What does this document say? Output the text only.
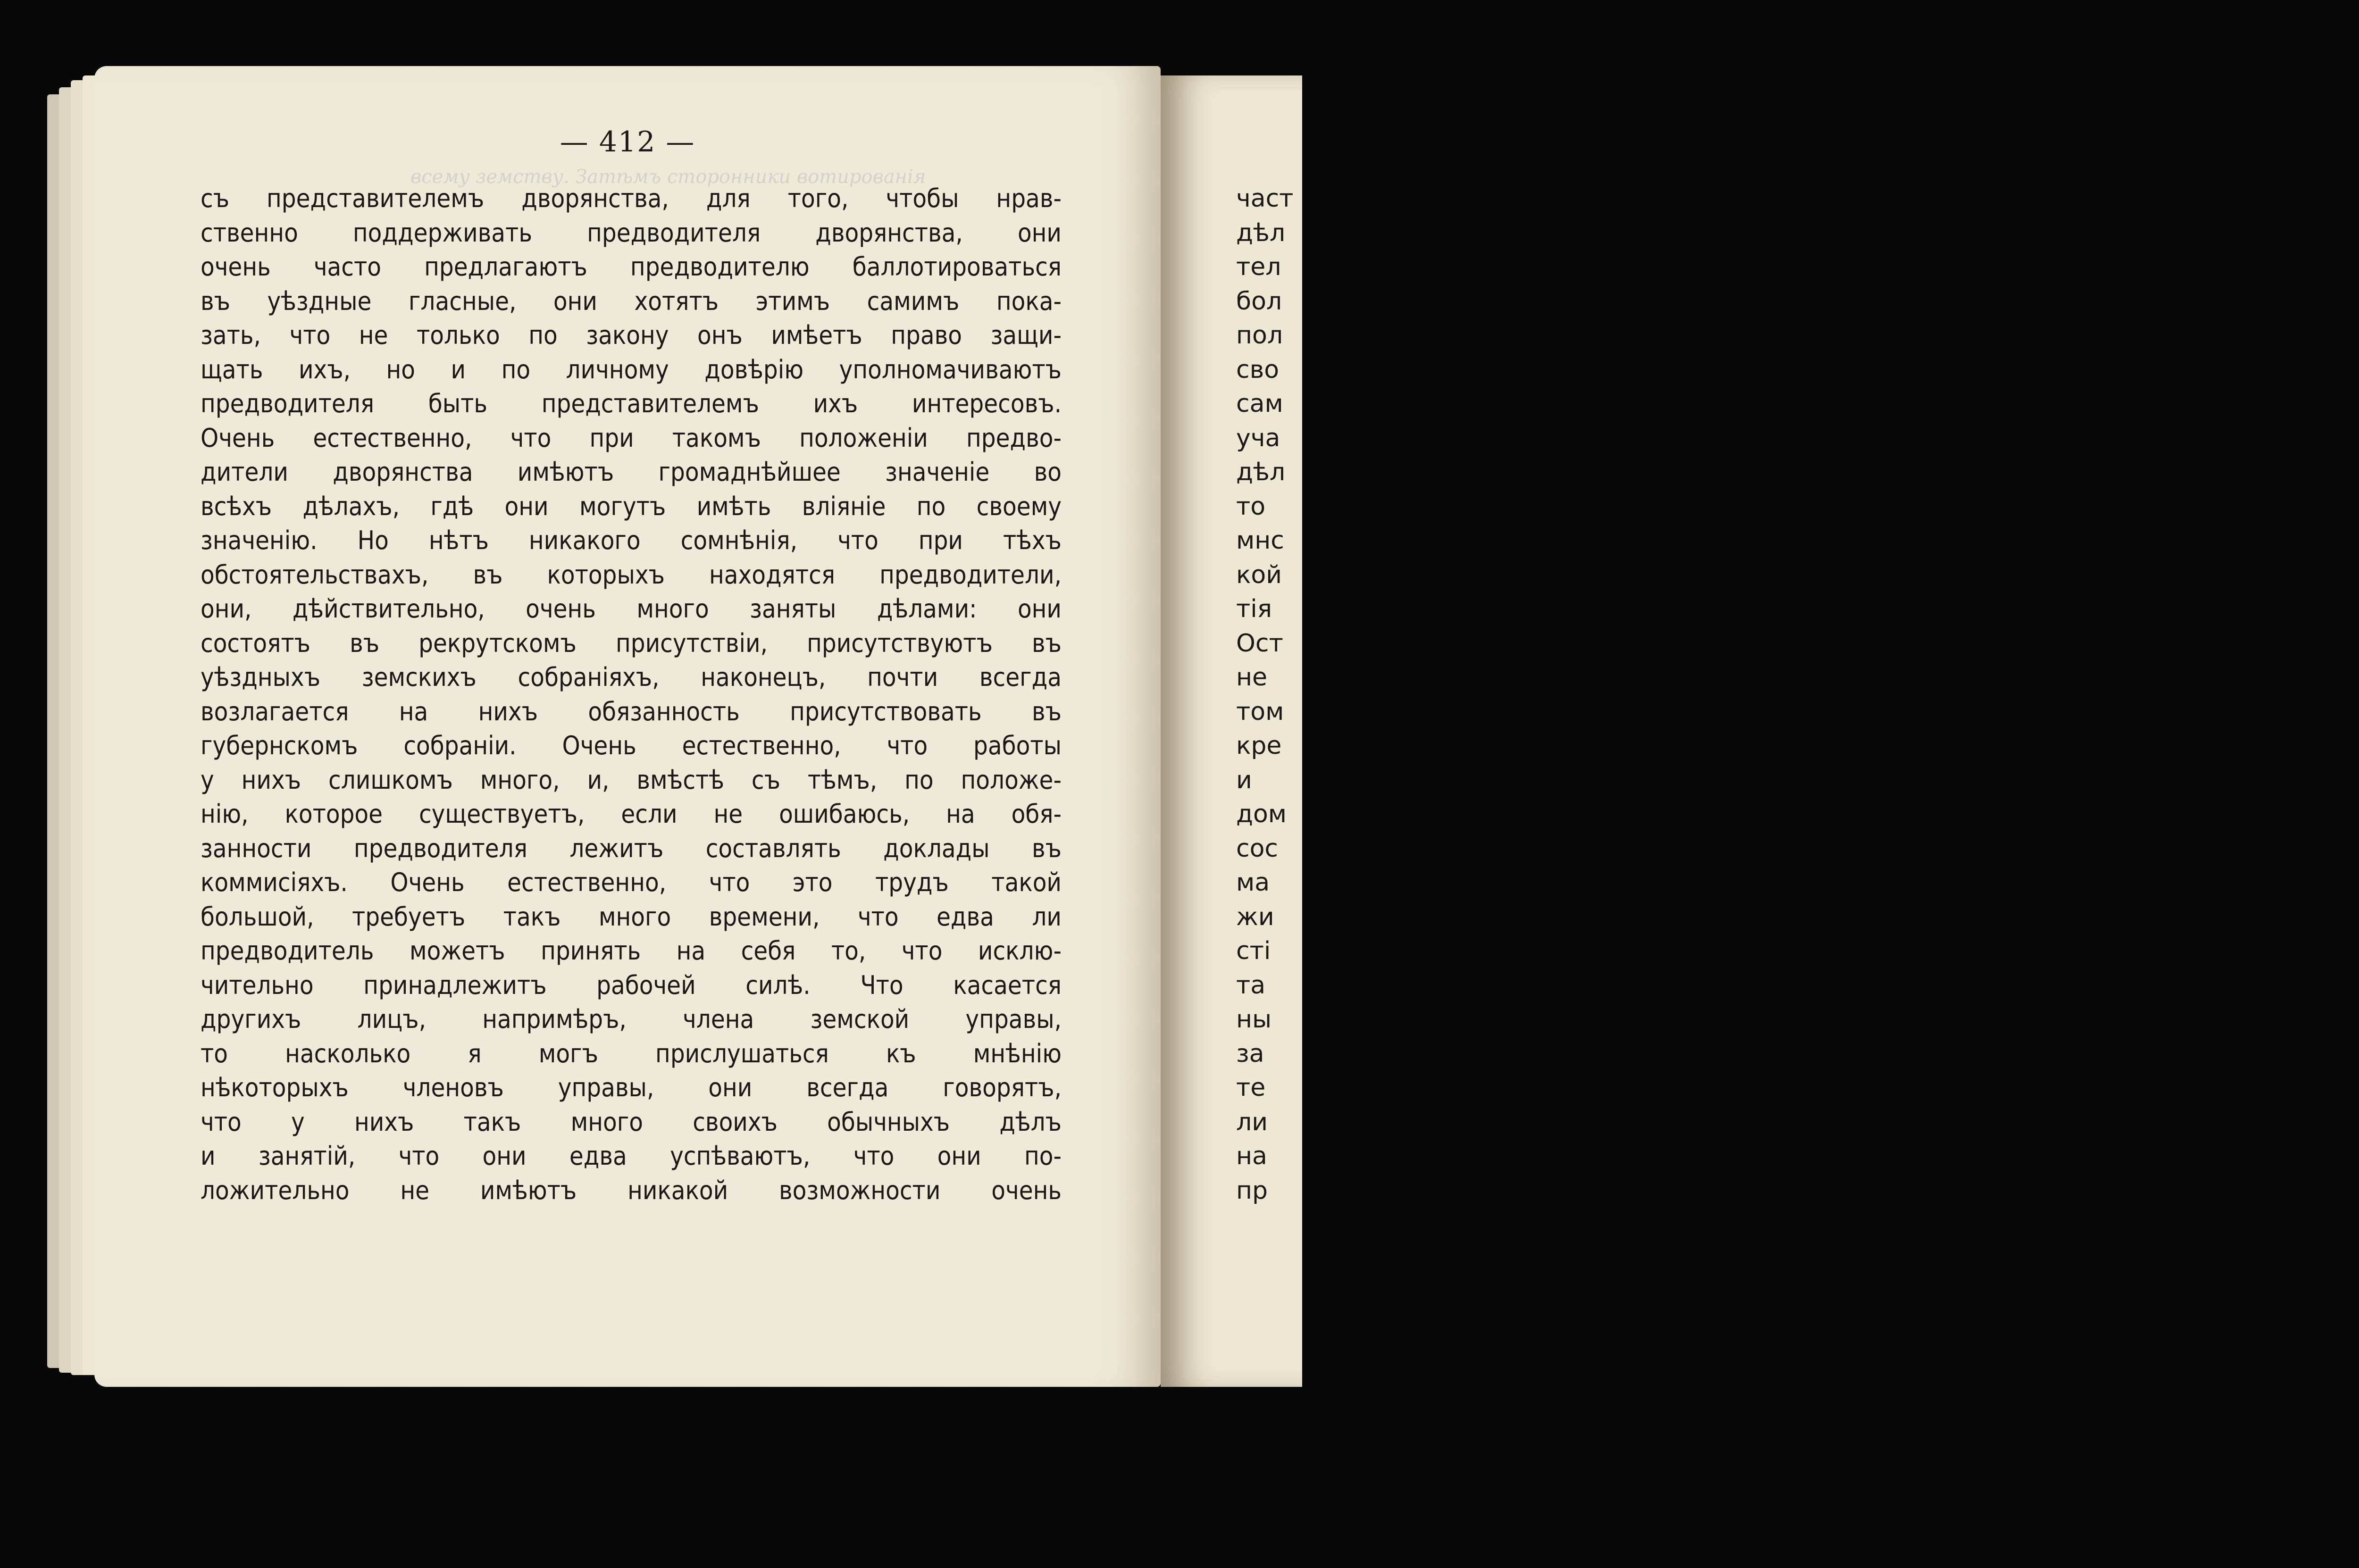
всему земству. Затѣмъ сторонники вотированія
— 412 —
съ представителемъ дворянства, для того, чтобы нрав-
ственно поддерживать предводителя дворянства, они
очень часто предлагаютъ предводителю баллотироваться
въ уѣздные гласные, они хотятъ этимъ самимъ пока-
зать, что не только по закону онъ имѣетъ право защи-
щать ихъ, но и по личному довѣрію уполномачиваютъ
предводителя быть представителемъ ихъ интересовъ.
Очень естественно, что при такомъ положеніи предво-
дители дворянства имѣютъ громаднѣйшее значеніе во
всѣхъ дѣлахъ, гдѣ они могутъ имѣть вліяніе по своему
значенію. Но нѣтъ никакого сомнѣнія, что при тѣхъ
обстоятельствахъ, въ которыхъ находятся предводители,
они, дѣйствительно, очень много заняты дѣлами: они
состоятъ въ рекрутскомъ присутствіи, присутствуютъ въ
уѣздныхъ земскихъ собраніяхъ, наконецъ, почти всегда
возлагается на нихъ обязанность присутствовать въ
губернскомъ собраніи. Очень естественно, что работы
у нихъ слишкомъ много, и, вмѣстѣ съ тѣмъ, по положе-
нію, которое существуетъ, если не ошибаюсь, на обя-
занности предводителя лежитъ составлять доклады въ
коммисіяхъ. Очень естественно, что это трудъ такой
большой, требуетъ такъ много времени, что едва ли
предводитель можетъ принять на себя то, что исклю-
чительно принадлежитъ рабочей силѣ. Что касается
другихъ лицъ, напримѣръ, члена земской управы,
то насколько я могъ прислушаться къ мнѣнію
нѣкоторыхъ членовъ управы, они всегда говорятъ,
что у нихъ такъ много своихъ обычныхъ дѣлъ
и занятій, что они едва успѣваютъ, что они по-
ложительно не имѣютъ никакой возможности очень
част
дѣл
тел
бол
пол
сво
сам
уча
дѣл
то
мнс
кой
тія
Ост
не
том
кре
и
дом
сос
ма
жи
сті
та
ны
за
те
ли
на
пр
